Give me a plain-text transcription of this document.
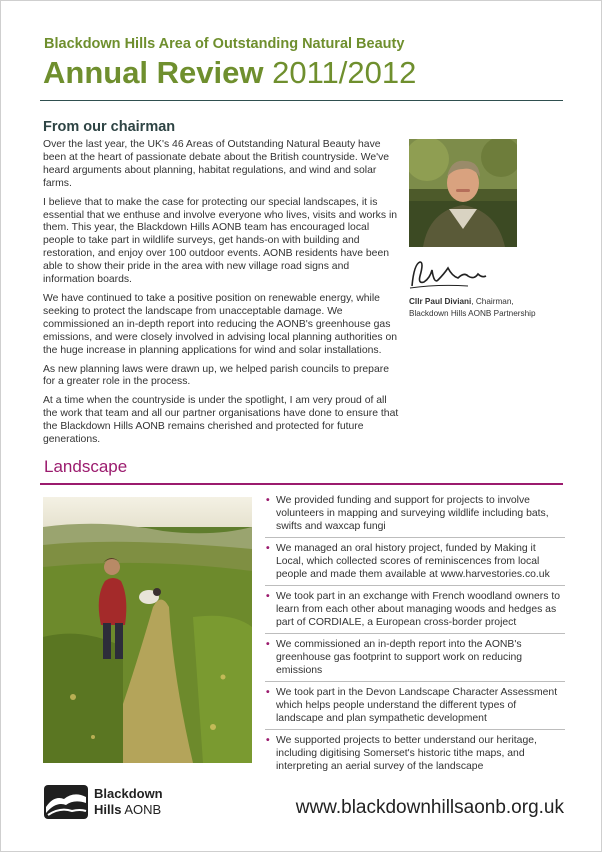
Blackdown Hills Area of Outstanding Natural Beauty
Annual Review 2011/2012
From our chairman

Over the last year, the UK's 46 Areas of Outstanding Natural Beauty have been at the heart of passionate debate about the British countryside. We've heard arguments about planning, habitat regulations, and wind and solar farms.

I believe that to make the case for protecting our special landscapes, it is essential that we enthuse and involve everyone who lives, visits and works in them. This year, the Blackdown Hills AONB team has encouraged local people to take part in wildlife surveys, get hands-on with building and restoration, and enjoy over 100 outdoor events. AONB residents have been able to show their pride in the area with new village road signs and information boards.

We have continued to take a positive position on renewable energy, while seeking to protect the landscape from unacceptable damage. We commissioned an in-depth report into reducing the AONB's greenhouse gas emissions, and were closely involved in advising local planning authorities on the huge increase in planning applications for wind and solar installations.

As new planning laws were drawn up, we helped parish councils to prepare for a greater role in the process.

At a time when the countryside is under the spotlight, I am very proud of all the work that team and all our partner organisations have done to ensure that the Blackdown Hills AONB remains cherished and protected for future generations.

Cllr Paul Diviani, Chairman,
Blackdown Hills AONB Partnership
Landscape
• We provided funding and support for projects to involve volunteers in mapping and surveying wildlife including bats, swifts and waxcap fungi
• We managed an oral history project, funded by Making it Local, which collected scores of reminiscences from local people and made them available at www.harvestories.co.uk
• We took part in an exchange with French woodland owners to learn from each other about managing woods and hedges as part of CORDIALE, a European cross-border project
• We commissioned an in-depth report into the AONB's greenhouse gas footprint to support work on reducing emissions
• We took part in the Devon Landscape Character Assessment which helps people understand the different types of landscape and plan sympathetic development
• We supported projects to better understand our heritage, including digitising Somerset's historic tithe maps, and interpreting an aerial survey of the landscape
Blackdown
Hills AONB	www.blackdownhillsaonb.org.uk
